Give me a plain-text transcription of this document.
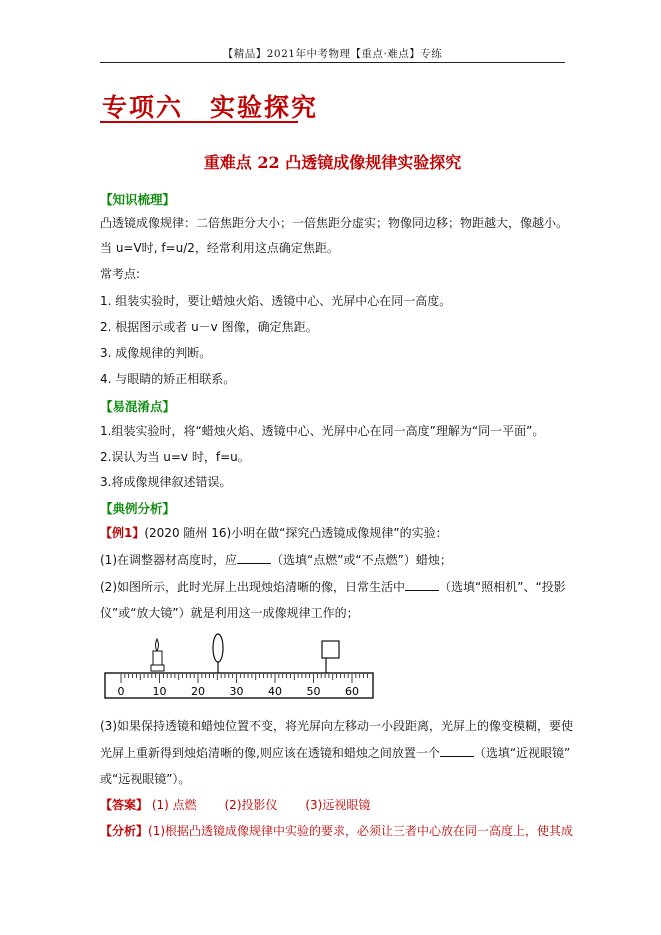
【精品】2021年中考物理【重点·难点】专练
专项六　实验探究
重难点 22 凸透镜成像规律实验探究
【知识梳理】
凸透镜成像规律：二倍焦距分大小；一倍焦距分虚实；物像同边移；物距越大，像越小。
当 u=V时, f=u/2，经常利用这点确定焦距。
常考点:
1. 组装实验时，要让蜡烛火焰、透镜中心、光屏中心在同一高度。
2. 根据图示或者 u－v 图像，确定焦距。
3. 成像规律的判断。
4. 与眼睛的矫正相联系。
【易混淆点】
1.组装实验时，将“蜡烛火焰、透镜中心、光屏中心在同一高度”理解为“同一平面”。
2.误认为当 u=v 时，f=u。
3.将成像规律叙述错误。
【典例分析】
【例1】(2020 随州 16)小明在做“探究凸透镜成像规律”的实验：
(1)在调整器材高度时，应	（选填“点燃”或“不点燃”）蜡烛；
(2)如图所示，此时光屏上出现烛焰清晰的像，日常生活中	（选填“照相机”、“投影
仪”或“放大镜”）就是利用这一成像规律工作的；
0	10 20 30 40 50 60
(3)如果保持透镜和蜡烛位置不变，将光屏向左移动一小段距离，光屏上的像变模糊，要使
光屏上重新得到烛焰清晰的像,则应该在透镜和蜡烛之间放置一个	（选填“近视眼镜”
或“远视眼镜”）。
【答案】 (1) 点燃 (2)投影仪 (3)远视眼镜
【分析】(1)根据凸透镜成像规律中实验的要求，必须让三者中心放在同一高度上，使其成
